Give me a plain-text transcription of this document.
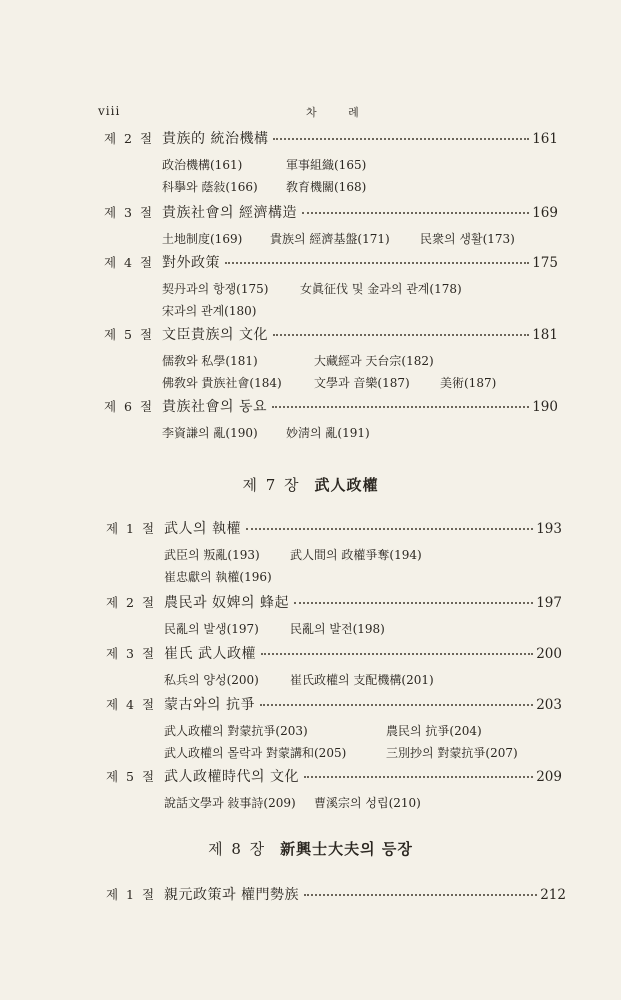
viii	차 례
제 2 절 貴族的 統治機構	161
政治機構(161)	軍事組織(165)
科擧와 蔭敍(166) 敎育機關(168)
제 3 절 貴族社會의 經濟構造	169
土地制度(169) 貴族의 經濟基盤(171)	民衆의 생활(173)
제 4 절 對外政策	175
契丹과의 항쟁(175)	女眞征伐 및 金과의 관계(178)
宋과의 관계(180)
제 5 절 文臣貴族의 文化	181
儒敎와 私學(181)	大藏經과 天台宗(182)
佛敎와 貴族社會(184)	文學과 音樂(187)	美術(187)
제 6 절 貴族社會의 동요	190
李資謙의 亂(190) 妙淸의 亂(191)
제 7 장 武人政權
제 1 절 武人의 執權	193
武臣의 叛亂(193)	武人間의 政權爭奪(194)
崔忠獻의 執權(196)
제 2 절 農民과 奴婢의 蜂起	197
民亂의 발생(197)	民亂의 발전(198)
제 3 절 崔氏 武人政權	200
私兵의 양성(200)	崔氏政權의 支配機構(201)
제 4 절 蒙古와의 抗爭	203
武人政權의 對蒙抗爭(203)	農民의 抗爭(204)
武人政權의 몰락과 對蒙講和(205)	三別抄의 對蒙抗爭(207)
제 5 절 武人政權時代의 文化	209
說話文學과 敍事詩(209) 曹溪宗의 성립(210)
제 8 장 新興士大夫의 등장
제 1 절 親元政策과 權門勢族	212
